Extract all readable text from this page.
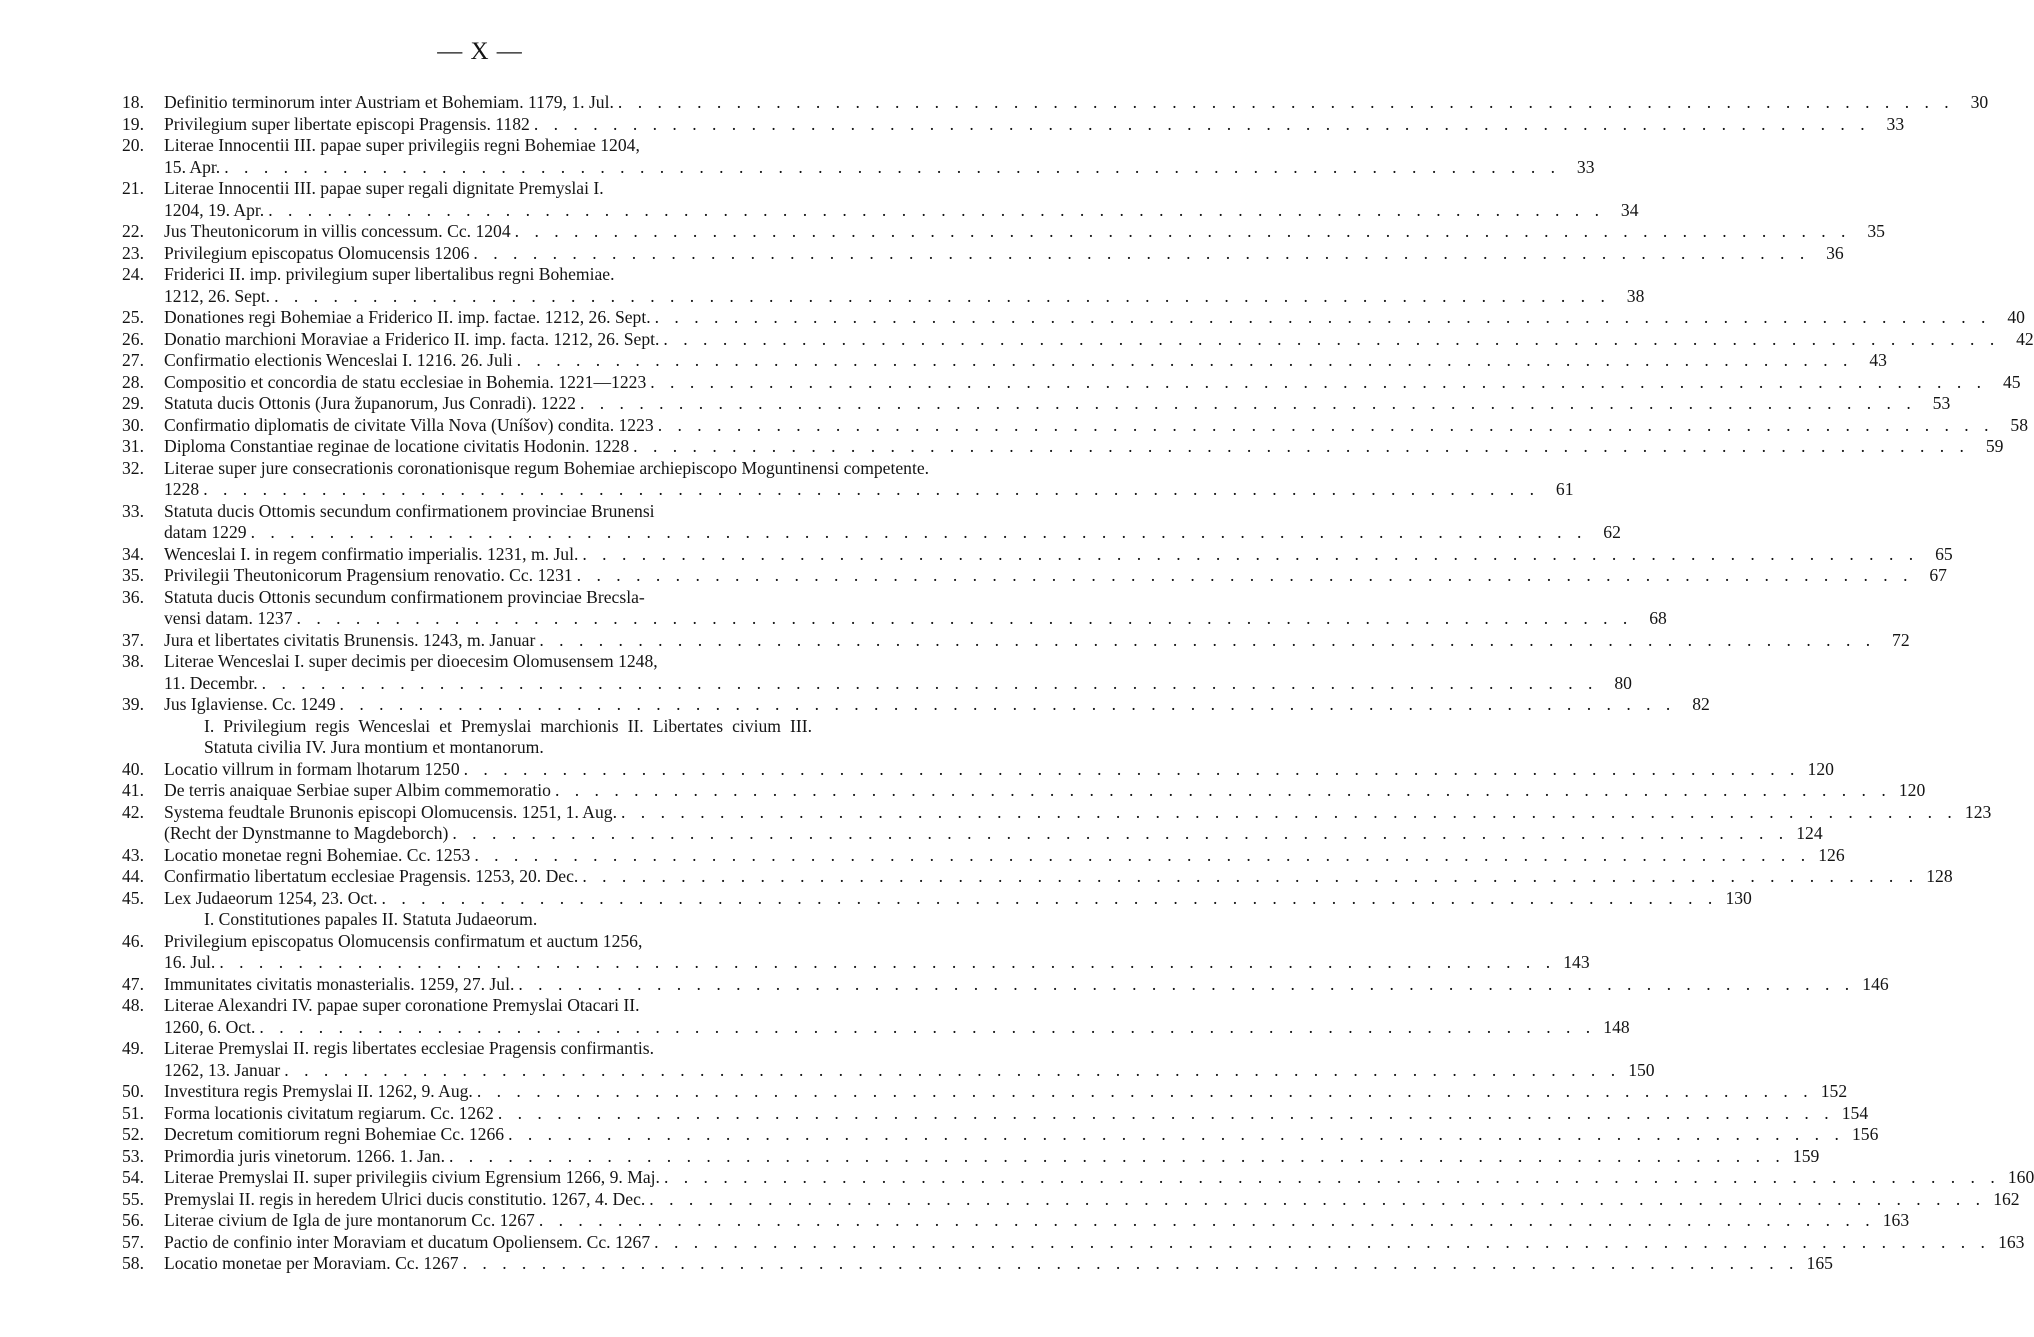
— X —
18.	Definitio terminorum inter Austriam et Bohemiam. 1179, 1. Jul. . . .	30
19.	Privilegium super libertate episcopi Pragensis. 1182 . . .	33
20.	Literae Innocentii III. papae super privilegiis regni Bohemiae 1204,
15. Apr. . . .	33
21.	Literae Innocentii III. papae super regali dignitate Premyslai I.
1204, 19. Apr. . . .	34
22.	Jus Theutonicorum in villis concessum. Cc. 1204 . . .	35
23.	Privilegium episcopatus Olomucensis 1206 . . .	36
24.	Friderici II. imp. privilegium super libertalibus regni Bohemiae.
1212, 26. Sept. . . .	38
25.	Donationes regi Bohemiae a Friderico II. imp. factae. 1212, 26. Sept. . . .	40
26.	Donatio marchioni Moraviae a Friderico II. imp. facta. 1212, 26. Sept. . . .	42
27.	Confirmatio electionis Wenceslai I. 1216. 26. Juli . . .	43
28.	Compositio et concordia de statu ecclesiae in Bohemia. 1221—1223 . . .	45
29.	Statuta ducis Ottonis (Jura županorum, Jus Conradi). 1222 . . .	53
30.	Confirmatio diplomatis de civitate Villa Nova (Uníšov) condita. 1223 . . .	58
31.	Diploma Constantiae reginae de locatione civitatis Hodonin. 1228 . . .	59
32.	Literae super jure consecrationis coronationisque regum Bohemiae archiepiscopo Moguntinensi competente.
1228 . . .	61
33.	Statuta ducis Ottomis secundum confirmationem provinciae Brunensi
datam 1229 . . .	62
34.	Wenceslai I. in regem confirmatio imperialis. 1231, m. Jul. . . .	65
35.	Privilegii Theutonicorum Pragensium renovatio. Cc. 1231 . . .	67
36.	Statuta ducis Ottonis secundum confirmationem provinciae Brecsla-
vensi datam. 1237 . . .	68
37.	Jura et libertates civitatis Brunensis. 1243, m. Januar . . .	72
38.	Literae Wenceslai I. super decimis per dioecesim Olomusensem 1248,
11. Decembr. . . .	80
39.	Jus Iglaviense. Cc. 1249 . . .	82
I. Privilegium regis Wenceslai et Premyslai marchionis II. Libertates civium III. Statuta civilia IV. Jura montium et montanorum.
40.	Locatio villrum in formam lhotarum 1250 . . .	120
41.	De terris anaiquae Serbiae super Albim commemoratio . . .	120
42.	Systema feudtale Brunonis episcopi Olomucensis. 1251, 1. Aug. . . .	123
(Recht der Dynstmanne to Magdeborch) . . .	124
43.	Locatio monetae regni Bohemiae. Cc. 1253 . . .	126
44.	Confirmatio libertatum ecclesiae Pragensis. 1253, 20. Dec. . . .	128
45.	Lex Judaeorum 1254, 23. Oct. . . .	130
I. Constitutiones papales II. Statuta Judaeorum.
46.	Privilegium episcopatus Olomucensis confirmatum et auctum 1256,
16. Jul. . . .	143
47.	Immunitates civitatis monasterialis. 1259, 27. Jul. . . .	146
48.	Literae Alexandri IV. papae super coronatione Premyslai Otacari II.
1260, 6. Oct. . . .	148
49.	Literae Premyslai II. regis libertates ecclesiae Pragensis confirmantis.
1262, 13. Januar . . .	150
50.	Investitura regis Premyslai II. 1262, 9. Aug. . . .	152
51.	Forma locationis civitatum regiarum. Cc. 1262 . . .	154
52.	Decretum comitiorum regni Bohemiae Cc. 1266 . . .	156
53.	Primordia juris vinetorum. 1266. 1. Jan. . . .	159
54.	Literae Premyslai II. super privilegiis civium Egrensium 1266, 9. Maj. . . .	160
55.	Premyslai II. regis in heredem Ulrici ducis constitutio. 1267, 4. Dec. . . .	162
56.	Literae civium de Igla de jure montanorum Cc. 1267 . . .	163
57.	Pactio de confinio inter Moraviam et ducatum Opoliensem. Cc. 1267 . . .	163
58.	Locatio monetae per Moraviam. Cc. 1267 . . .	165
